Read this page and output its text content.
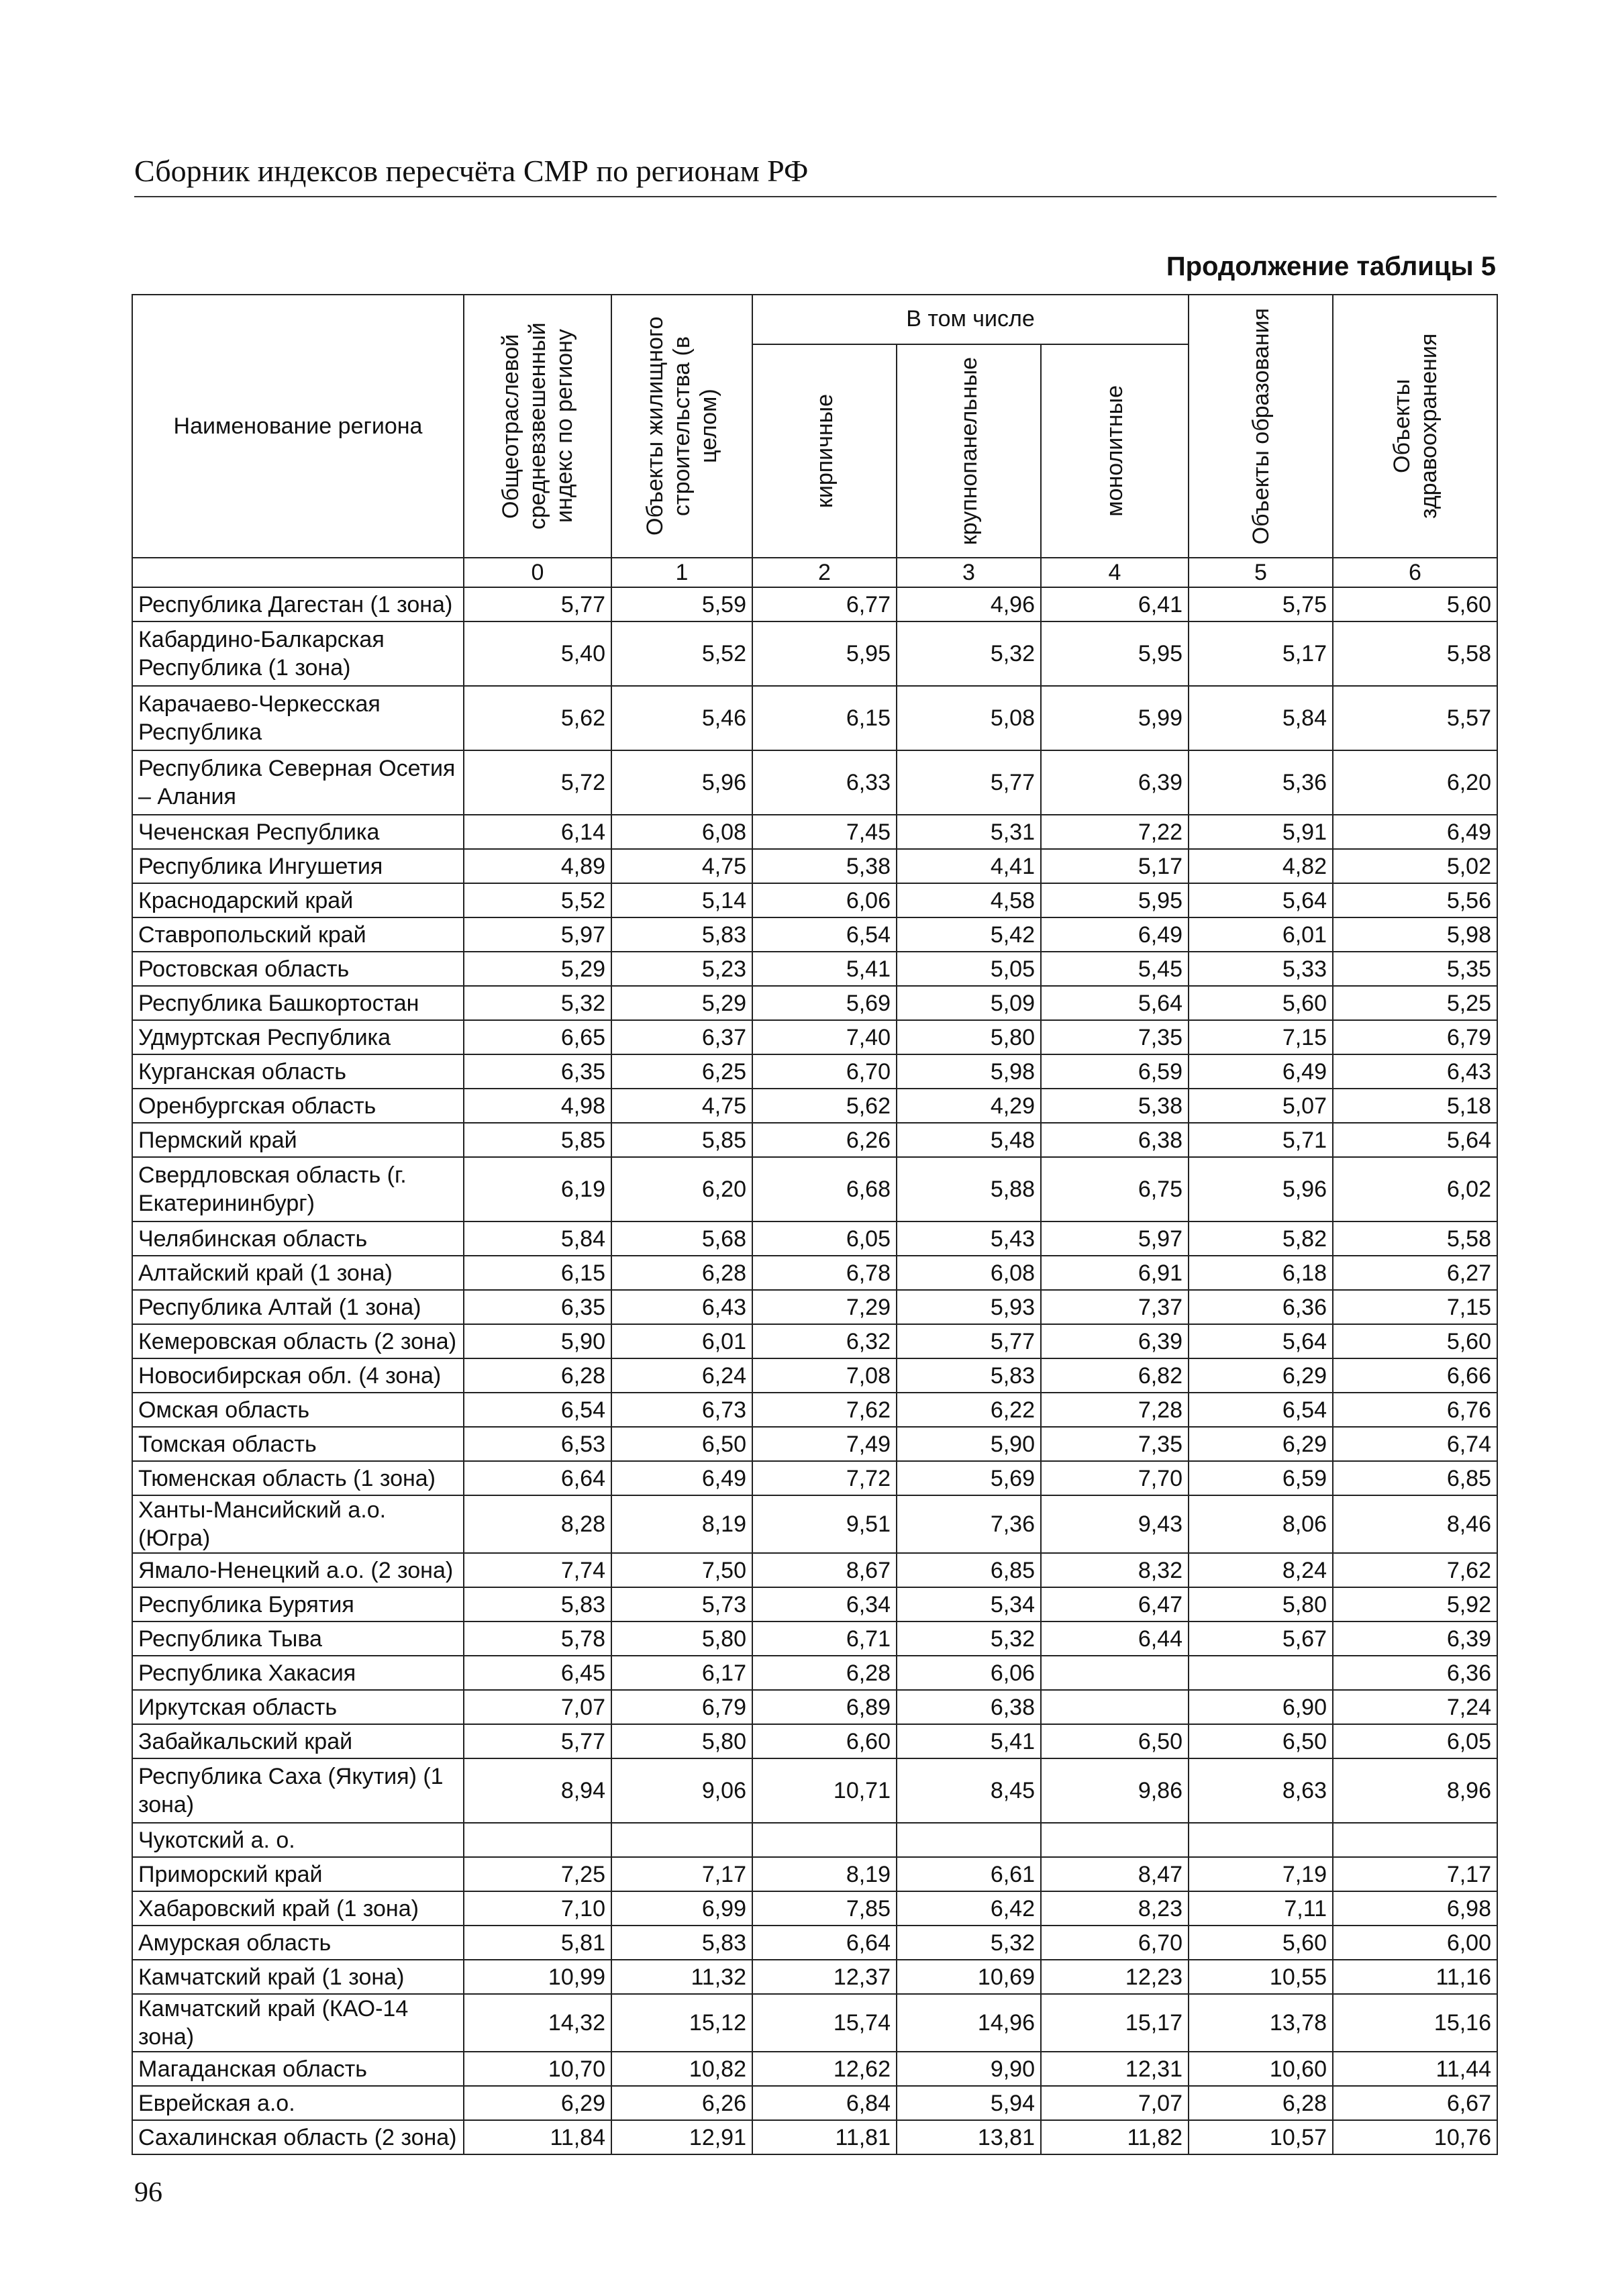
Сборник индексов пересчёта СМР по регионам РФ
Продолжение таблицы 5
Наименование региона	Общеотраслевой средневзвешенный индекс по региону	Объекты жилищного строительства (в целом)	В том числе			Объекты образования	Объекты здравоохранения

			кирпичные	крупнопанельные	монолитные		

	0	1	2	3	4	5	6
Республика Дагестан (1 зона)	5,77	5,59	6,77	4,96	6,41	5,75	5,60
Кабардино-Балкарская Республика (1 зона)	5,40	5,52	5,95	5,32	5,95	5,17	5,58
Карачаево-Черкесская Республика	5,62	5,46	6,15	5,08	5,99	5,84	5,57
Республика Северная Осетия – Алания	5,72	5,96	6,33	5,77	6,39	5,36	6,20
Чеченская Республика	6,14	6,08	7,45	5,31	7,22	5,91	6,49
Республика Ингушетия	4,89	4,75	5,38	4,41	5,17	4,82	5,02
Краснодарский край	5,52	5,14	6,06	4,58	5,95	5,64	5,56
Ставропольский край	5,97	5,83	6,54	5,42	6,49	6,01	5,98
Ростовская область	5,29	5,23	5,41	5,05	5,45	5,33	5,35
Республика Башкортостан	5,32	5,29	5,69	5,09	5,64	5,60	5,25
Удмуртская Республика	6,65	6,37	7,40	5,80	7,35	7,15	6,79
Курганская область	6,35	6,25	6,70	5,98	6,59	6,49	6,43
Оренбургская область	4,98	4,75	5,62	4,29	5,38	5,07	5,18
Пермский край	5,85	5,85	6,26	5,48	6,38	5,71	5,64
Свердловская область (г. Екатерининбург)	6,19	6,20	6,68	5,88	6,75	5,96	6,02
Челябинская область	5,84	5,68	6,05	5,43	5,97	5,82	5,58
Алтайский край (1 зона)	6,15	6,28	6,78	6,08	6,91	6,18	6,27
Республика Алтай (1 зона)	6,35	6,43	7,29	5,93	7,37	6,36	7,15
Кемеровская область (2 зона)	5,90	6,01	6,32	5,77	6,39	5,64	5,60
Новосибирская обл. (4 зона)	6,28	6,24	7,08	5,83	6,82	6,29	6,66
Омская область	6,54	6,73	7,62	6,22	7,28	6,54	6,76
Томская область	6,53	6,50	7,49	5,90	7,35	6,29	6,74
Тюменская область (1 зона)	6,64	6,49	7,72	5,69	7,70	6,59	6,85
Ханты-Мансийский а.о. (Югра)	8,28	8,19	9,51	7,36	9,43	8,06	8,46
Ямало-Ненецкий а.о. (2 зона)	7,74	7,50	8,67	6,85	8,32	8,24	7,62
Республика Бурятия	5,83	5,73	6,34	5,34	6,47	5,80	5,92
Республика Тыва	5,78	5,80	6,71	5,32	6,44	5,67	6,39
Республика Хакасия	6,45	6,17	6,28	6,06			6,36
Иркутская область	7,07	6,79	6,89	6,38		6,90	7,24
Забайкальский край	5,77	5,80	6,60	5,41	6,50	6,50	6,05
Республика Саха (Якутия) (1 зона)	8,94	9,06	10,71	8,45	9,86	8,63	8,96
Чукотский а. о.							
Приморский край	7,25	7,17	8,19	6,61	8,47	7,19	7,17
Хабаровский край (1 зона)	7,10	6,99	7,85	6,42	8,23	7,11	6,98
Амурская область	5,81	5,83	6,64	5,32	6,70	5,60	6,00
Камчатский край (1 зона)	10,99	11,32	12,37	10,69	12,23	10,55	11,16
Камчатский край (КАО-14 зона)	14,32	15,12	15,74	14,96	15,17	13,78	15,16
Магаданская область	10,70	10,82	12,62	9,90	12,31	10,60	11,44
Еврейская а.о.	6,29	6,26	6,84	5,94	7,07	6,28	6,67
Сахалинская область (2 зона)	11,84	12,91	11,81	13,81	11,82	10,57	10,76
96
